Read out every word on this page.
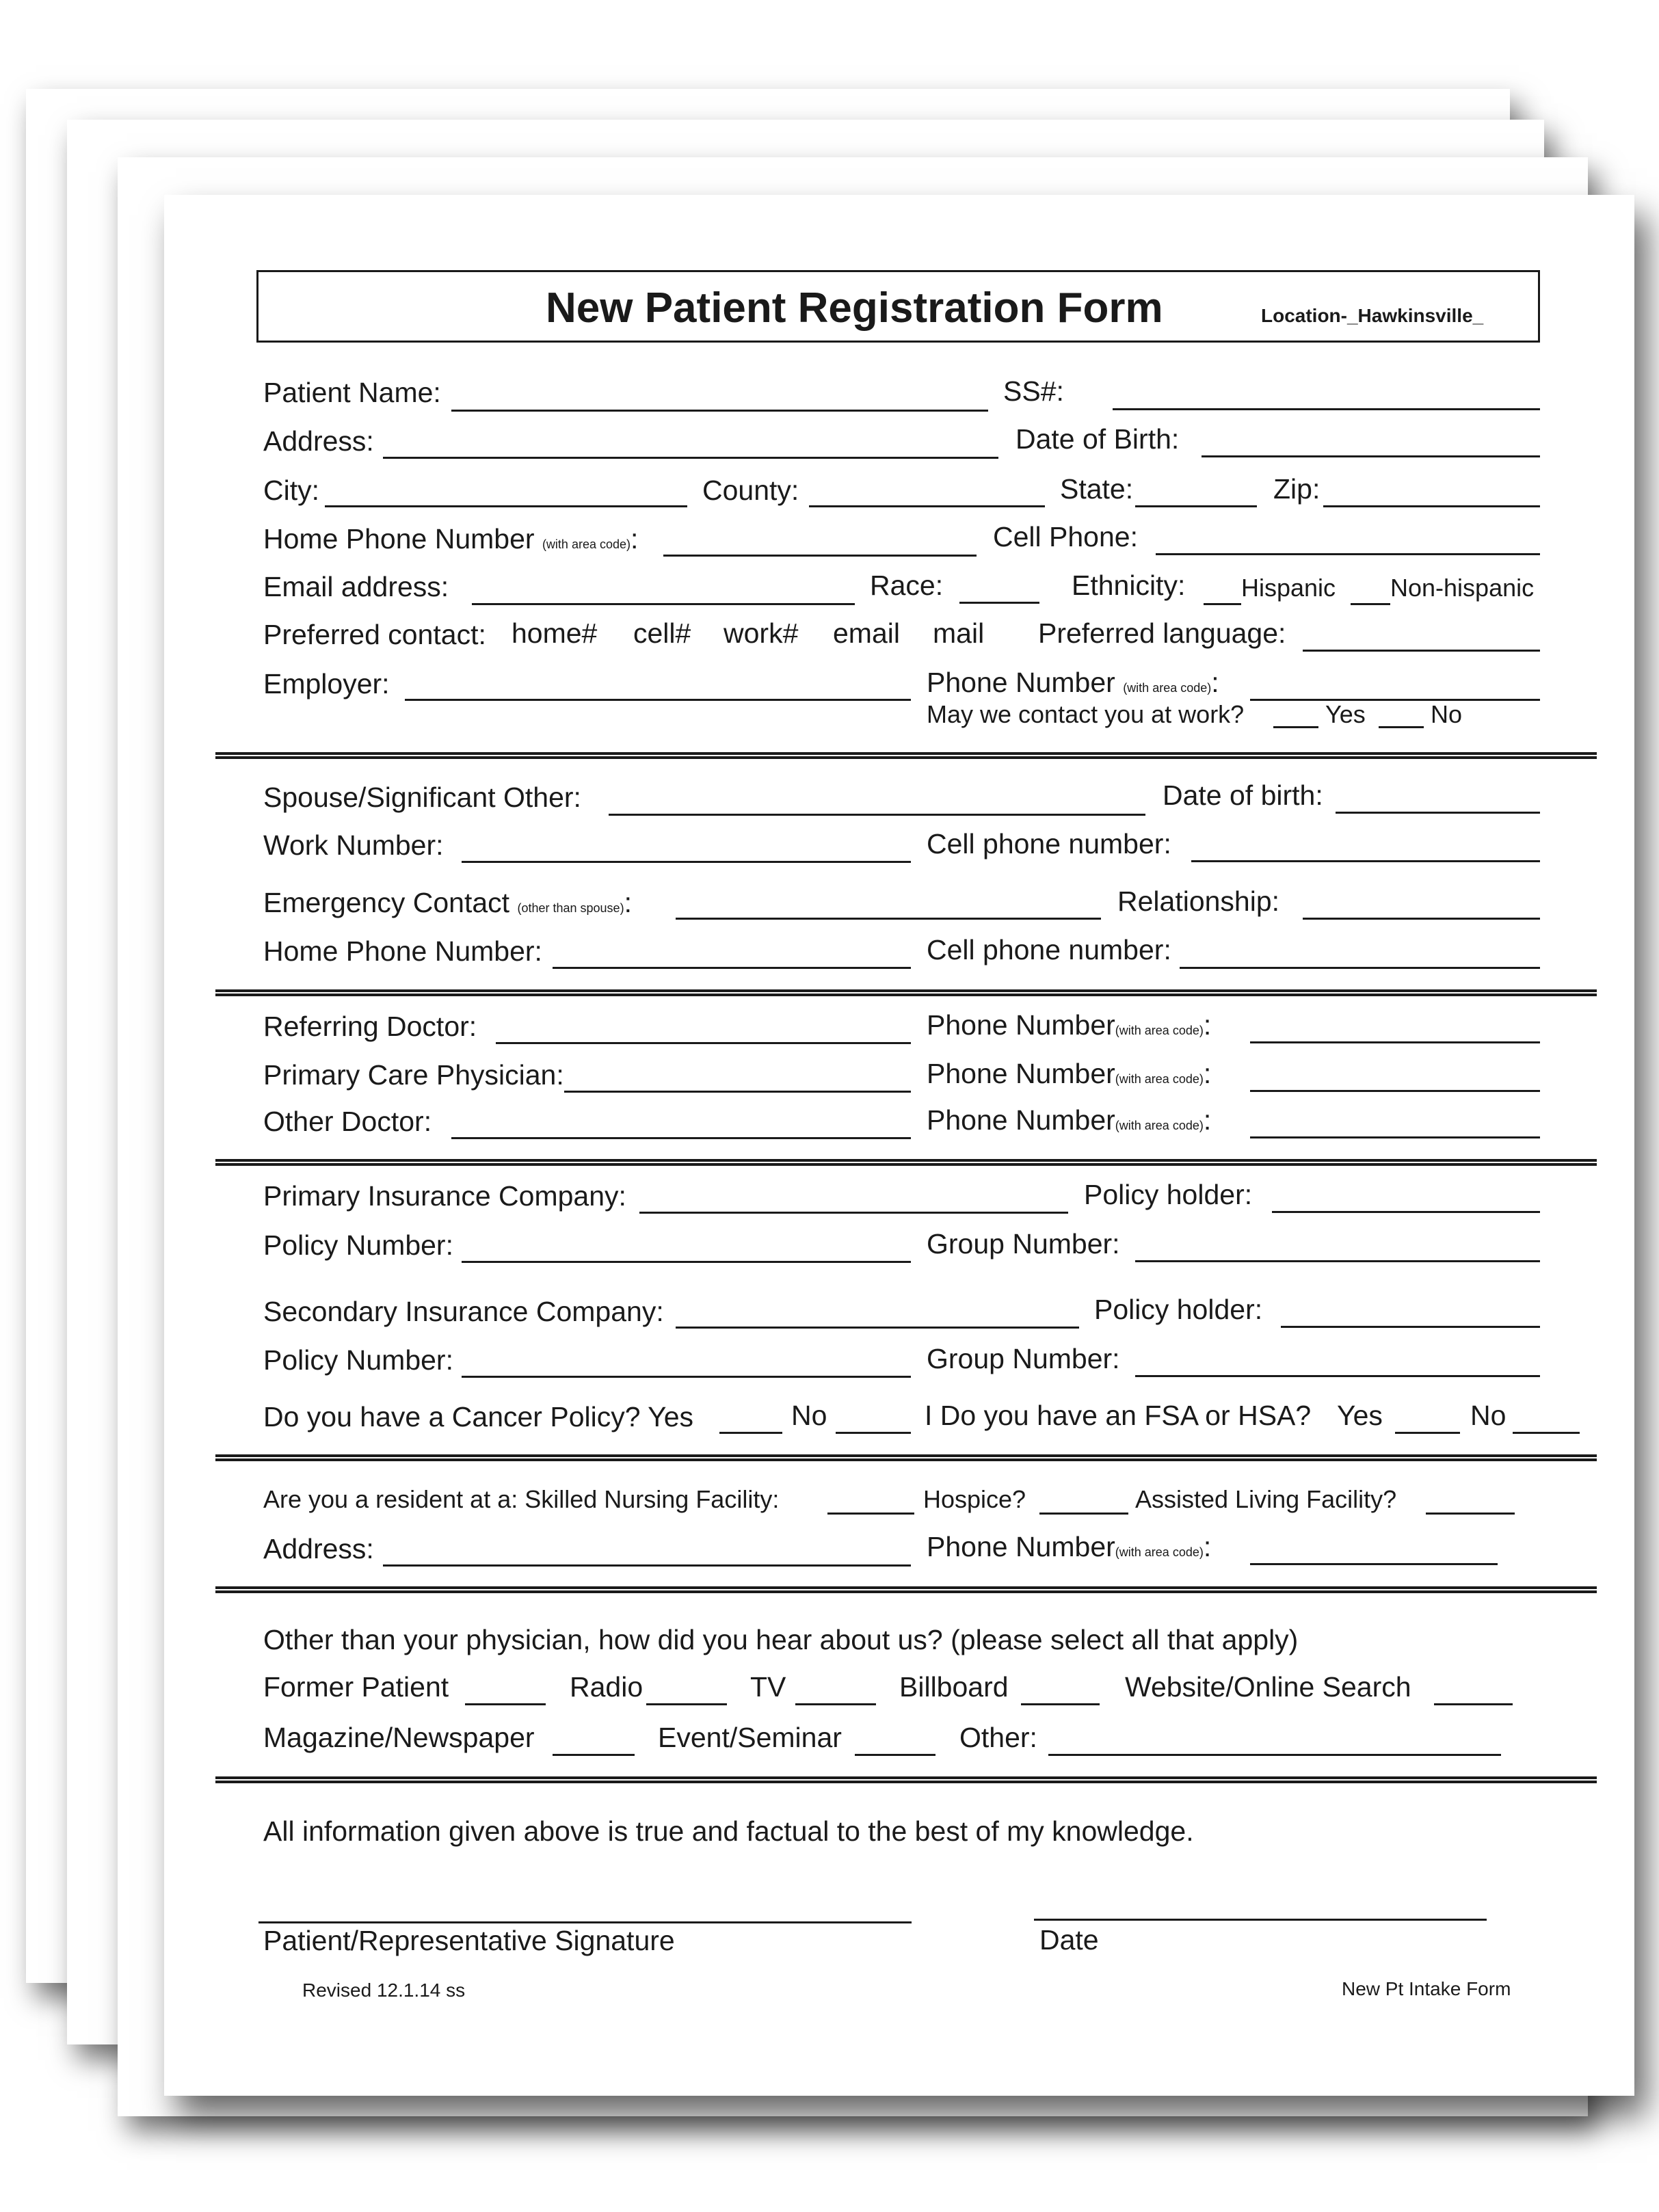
New Patient Registration Form	Location-_Hawkinsville_
Patient Name:	SS#:
Address:	Date of Birth:
City:	County:	State:	Zip:
Home Phone Number (with area code):	Cell Phone:
Email address:	Race:	Ethnicity: Hispanic Non-hispanic
Preferred contact: home# cell# work# email mail Preferred language:
Employer:	Phone Number (with area code):
May we contact you at work?	Yes	No
Spouse/Significant Other:	Date of birth:
Work Number:	Cell phone number:
Emergency Contact (other than spouse):	Relationship:
Home Phone Number:	Cell phone number:
Referring Doctor:	Phone Number(with area code):
Primary Care Physician:	Phone Number(with area code):
Other Doctor:	Phone Number(with area code):
Primary Insurance Company:	Policy holder:
Policy Number:	Group Number:
Secondary Insurance Company:	Policy holder:
Policy Number:	Group Number:
Do you have a Cancer Policy? Yes	No	I Do you have an FSA or HSA? Yes	No
Are you a resident at a: Skilled Nursing Facility:	Hospice?	Assisted Living Facility?
Address:	Phone Number(with area code):
Other than your physician, how did you hear about us? (please select all that apply)
Former Patient	Radio	TV	Billboard	Website/Online Search
Magazine/Newspaper	Event/Seminar	Other:
All information given above is true and factual to the best of my knowledge.
Patient/Representative Signature	Date
Revised 12.1.14 ss	New Pt Intake Form
